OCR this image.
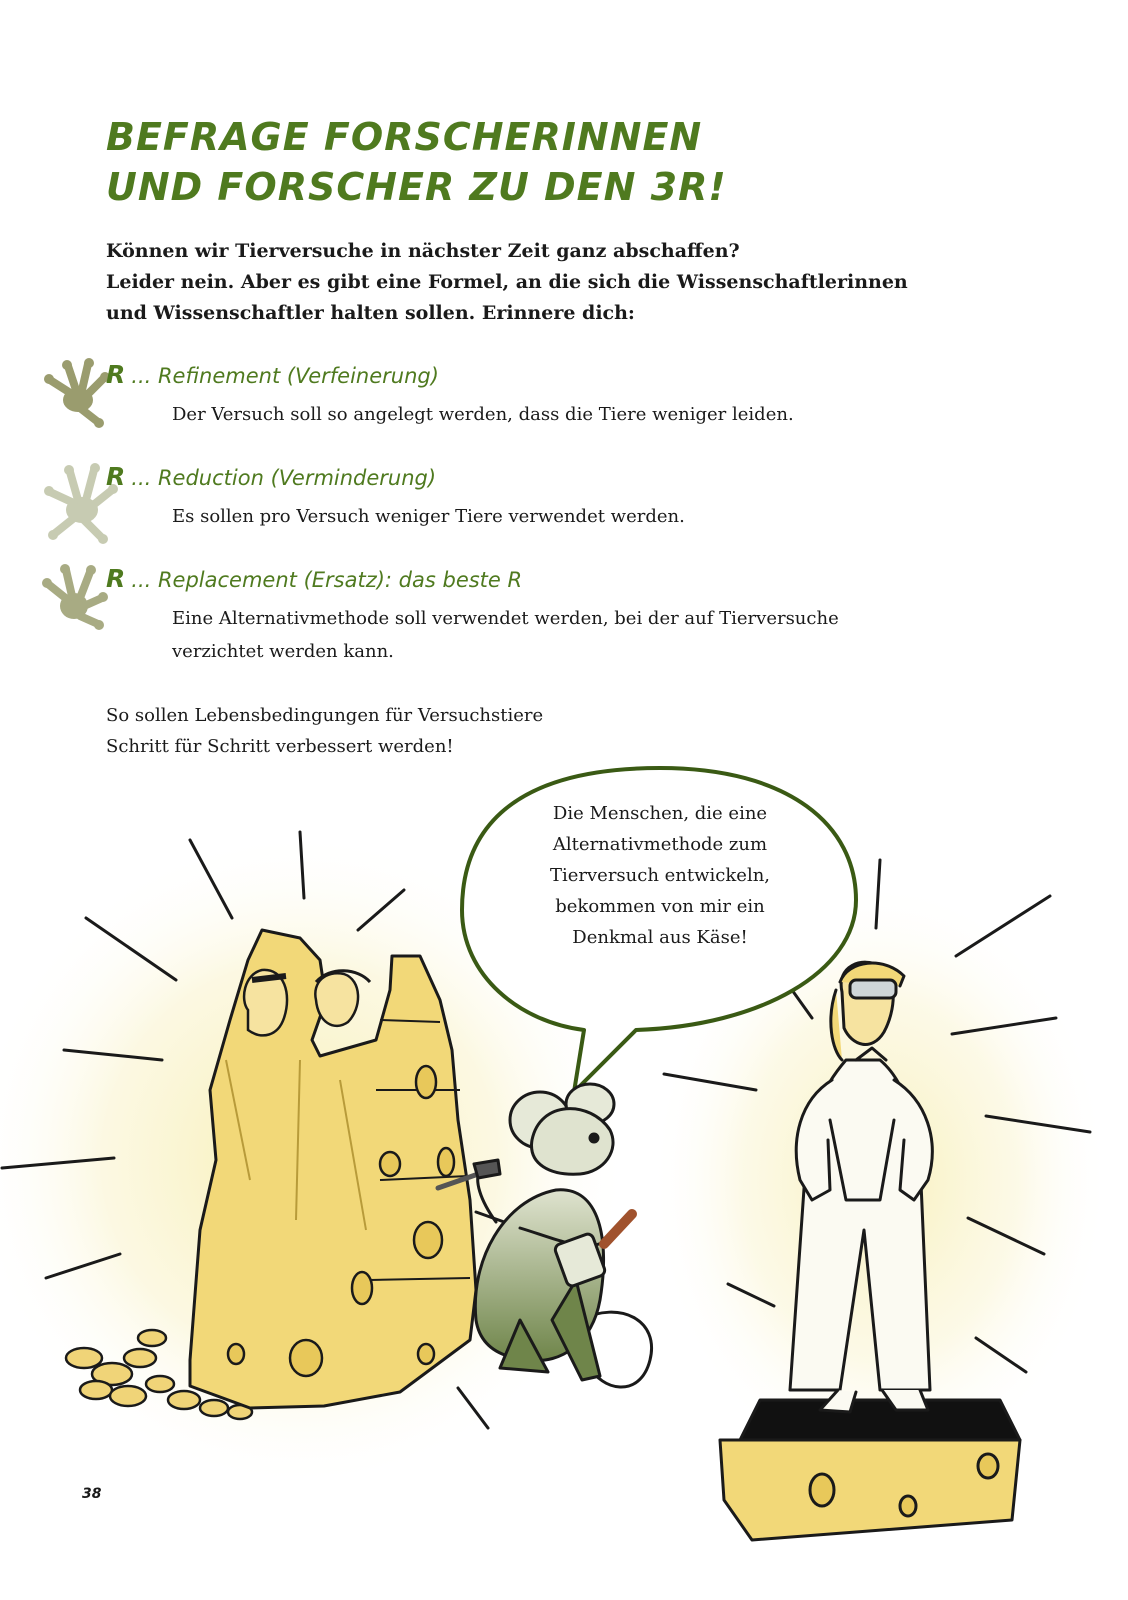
BEFRAGE FORSCHERINNEN
UND FORSCHER ZU DEN 3R!

Können wir Tierversuche in nächster Zeit ganz abschaffen?
Leider nein. Aber es gibt eine Formel, an die sich die Wissenschaftlerinnen
und Wissenschaftler halten sollen. Erinnere dich:

R ... Refinement (Verfeinerung)

Der Versuch soll so angelegt werden, dass die Tiere weniger leiden.

R ... Reduction (Verminderung)

Es sollen pro Versuch weniger Tiere verwendet werden.

R ... Replacement (Ersatz): das beste R

Eine Alternativmethode soll verwendet werden, bei der auf Tierversuche verzichtet werden kann.

So sollen Lebensbedingungen für Versuchstiere
Schritt für Schritt verbessert werden!

Die Menschen, die eine
Alternativmethode zum
Tierversuch entwickeln,
bekommen von mir ein
Denkmal aus Käse!
38
